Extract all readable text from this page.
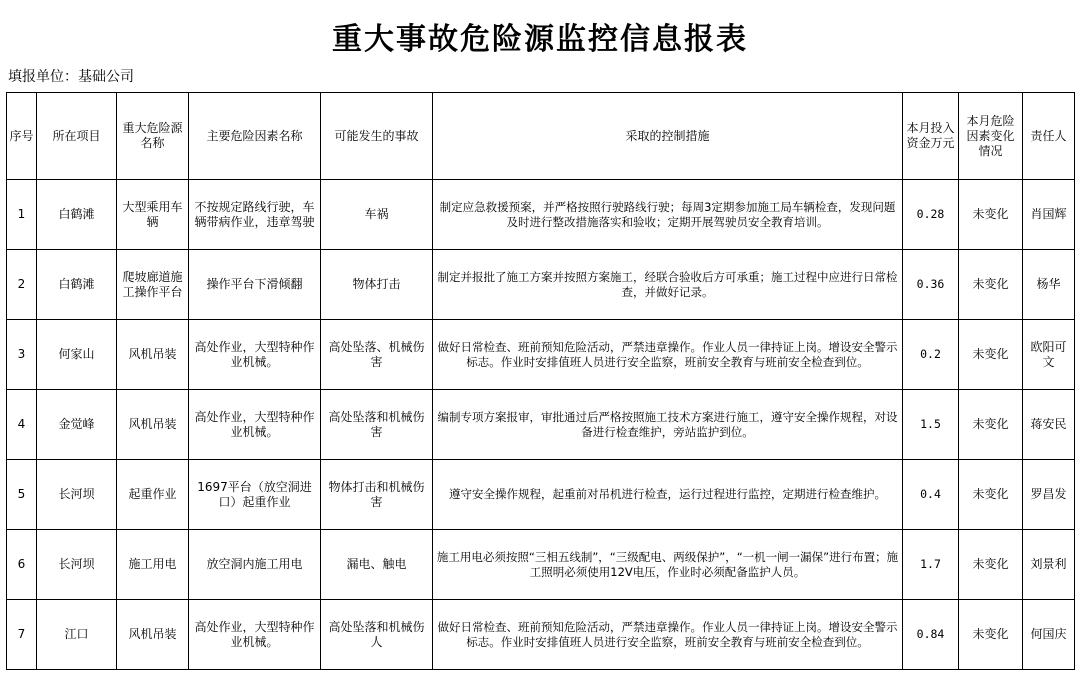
重大事故危险源监控信息报表
填报单位：基础公司
序号	所在项目	重大危险源名称	主要危险因素名称	可能发生的事故	采取的控制措施	本月投入资金万元	本月危险因素变化情况	责任人
1	白鹤滩	大型乘用车辆	不按规定路线行驶，车辆带病作业，违章驾驶	车祸	制定应急救援预案，并严格按照行驶路线行驶；每周3定期参加施工局车辆检查，发现问题及时进行整改措施落实和验收；定期开展驾驶员安全教育培训。	0.28	未变化	肖国辉
2	白鹤滩	爬坡廊道施工操作平台	操作平台下滑倾翻	物体打击	制定并报批了施工方案并按照方案施工，经联合验收后方可承重；施工过程中应进行日常检查，并做好记录。	0.36	未变化	杨华
3	何家山	风机吊装	高处作业，大型特种作业机械。	高处坠落、机械伤害	做好日常检查、班前预知危险活动，严禁违章操作。作业人员一律持证上岗。增设安全警示标志。作业时安排值班人员进行安全监察，班前安全教育与班前安全检查到位。	0.2	未变化	欧阳可文
4	金觉峰	风机吊装	高处作业，大型特种作业机械。	高处坠落和机械伤害	编制专项方案报审，审批通过后严格按照施工技术方案进行施工，遵守安全操作规程，对设备进行检查维护，旁站监护到位。	1.5	未变化	蒋安民
5	长河坝	起重作业	1697平台（放空洞进口）起重作业	物体打击和机械伤害	遵守安全操作规程，起重前对吊机进行检查，运行过程进行监控，定期进行检查维护。	0.4	未变化	罗昌发
6	长河坝	施工用电	放空洞内施工用电	漏电、触电	施工用电必须按照“三相五线制”，“三级配电、两级保护”，“一机一闸一漏保”进行布置；施工照明必须使用12V电压，作业时必须配备监护人员。	1.7	未变化	刘景利
7	江口	风机吊装	高处作业，大型特种作业机械。	高处坠落和机械伤人	做好日常检查、班前预知危险活动，严禁违章操作。作业人员一律持证上岗。增设安全警示标志。作业时安排值班人员进行安全监察，班前安全教育与班前安全检查到位。	0.84	未变化	何国庆
